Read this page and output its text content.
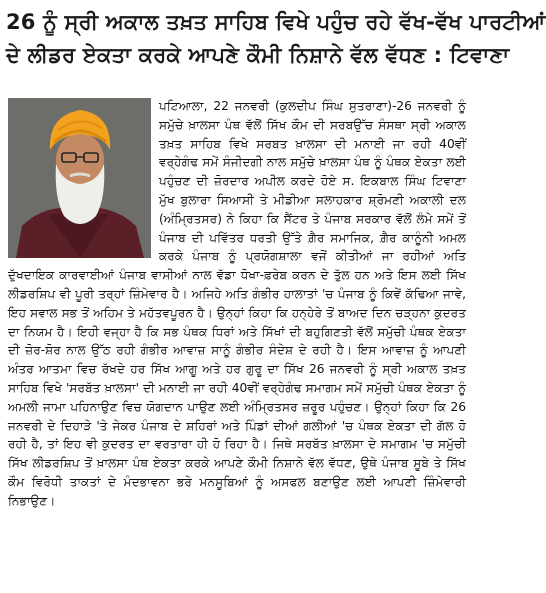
26 ਨੂੰ ਸ੍ਰੀ ਅਕਾਲ ਤਖ਼ਤ ਸਾਹਿਬ ਵਿਖੇ ਪਹੁੰਚ ਰਹੇ ਵੱਖ-ਵੱਖ ਪਾਰਟੀਆਂ
ਦੇ ਲੀਡਰ ਏਕਤਾ ਕਰਕੇ ਆਪਣੇ ਕੌਮੀ ਨਿਸ਼ਾਨੇ ਵੱਲ ਵੱਧਣ : ਟਿਵਾਣਾ

ਪਟਿਆਲਾ, 22 ਜਨਵਰੀ (ਕੁਲਦੀਪ ਸਿੰਘ ਸੁਤਰਾਣਾ)-26 ਜਨਵਰੀ ਨੂੰ ਸਮੁੱਚੇ ਖ਼ਾਲਸਾ ਪੰਥ ਵੱਲੋਂ ਸਿੱਖ ਕੌਮ ਦੀ ਸਰਬਉੱਚ ਸੰਸਥਾ ਸ੍ਰੀ ਅਕਾਲ ਤਖ਼ਤ ਸਾਹਿਬ ਵਿਖੇ ਸਰਬਤ ਖ਼ਾਲਸਾ ਦੀ ਮਨਾਈ ਜਾ ਰਹੀ 40ਵੀਂ ਵਰ੍ਹੇਗੰਢ ਸਮੇਂ ਸੰਜੀਦਗੀ ਨਾਲ ਸਮੁੱਚੇ ਖ਼ਾਲਸਾ ਪੰਥ ਨੂੰ ਪੰਥਕ ਏਕਤਾ ਲਈ ਪਹੁੰਚਣ ਦੀ ਜ਼ੋਰਦਾਰ ਅਪੀਲ ਕਰਦੇ ਹੋਏ ਸ. ਇਕਬਾਲ ਸਿੰਘ ਟਿਵਾਣਾ ਮੁੱਖ ਬੁਲਾਰਾ ਸਿਆਸੀ ਤੇ ਮੀਡੀਆ ਸਲਾਹਕਾਰ ਸ਼੍ਰੋਮਣੀ ਅਕਾਲੀ ਦਲ (ਅੰਮ੍ਰਿਤਸਰ) ਨੇ ਕਿਹਾ ਕਿ ਸੈਂਟਰ ਤੇ ਪੰਜਾਬ ਸਰਕਾਰ ਵੱਲੋਂ ਲੰਮੇ ਸਮੇਂ ਤੋਂ ਪੰਜਾਬ ਦੀ ਪਵਿੱਤਰ ਧਰਤੀ ਉੱਤੇ ਗ਼ੈਰ ਸਮਾਜਿਕ, ਗ਼ੈਰ ਕਾਨੂੰਨੀ ਅਮਲ ਕਰਕੇ ਪੰਜਾਬ ਨੂੰ ਪ੍ਰਯੋਗਸ਼ਾਲਾ ਵਜੋਂ ਕੀਤੀਆਂ ਜਾ ਰਹੀਆਂ ਅਤਿ ਦੁੱਖਦਾਇਕ ਕਾਰਵਾਈਆਂ ਪੰਜਾਬ ਵਾਸੀਆਂ ਨਾਲ ਵੱਡਾ ਧੋਖਾ-ਫ਼ਰੇਬ ਕਰਨ ਦੇ ਤੁੱਲ ਹਨ ਅਤੇ ਇਸ ਲਈ ਸਿੱਖ ਲੀਡਰਸ਼ਿਪ ਵੀ ਪੂਰੀ ਤਰ੍ਹਾਂ ਜ਼ਿੰਮੇਵਾਰ ਹੈ। ਅਜਿਹੇ ਅਤਿ ਗੰਭੀਰ ਹਾਲਾਤਾਂ 'ਚ ਪੰਜਾਬ ਨੂੰ ਕਿਵੇਂ ਕੱਢਿਆ ਜਾਵੇ, ਇਹ ਸਵਾਲ ਸਭ ਤੋਂ ਅਹਿਮ ਤੇ ਮਹੱਤਵਪੂਰਨ ਹੈ। ਉਨ੍ਹਾਂ ਕਿਹਾ ਕਿ ਹਨ੍ਹੇਰੇ ਤੋਂ ਬਾਅਦ ਦਿਨ ਚੜ੍ਹਨਾ ਕੁਦਰਤ ਦਾ ਨਿਯਮ ਹੈ। ਇਹੀ ਵਜ੍ਹਾ ਹੈ ਕਿ ਸਭ ਪੰਥਕ ਧਿਰਾਂ ਅਤੇ ਸਿੱਖਾਂ ਦੀ ਬਹੁਗਿਣਤੀ ਵੱਲੋਂ ਸਮੁੱਚੀ ਪੰਥਕ ਏਕਤਾ ਦੀ ਜ਼ੋਰ-ਸ਼ੋਰ ਨਾਲ ਉੱਠ ਰਹੀ ਗੰਭੀਰ ਆਵਾਜ਼ ਸਾਨੂੰ ਗੰਭੀਰ ਸੰਦੇਸ਼ ਦੇ ਰਹੀ ਹੈ। ਇਸ ਆਵਾਜ਼ ਨੂੰ ਆਪਣੀ ਅੰਤਰ ਆਤਮਾ ਵਿਚ ਰੱਖਦੇ ਹਰ ਸਿੱਖ ਆਗੂ ਅਤੇ ਹਰ ਗੁਰੂ ਦਾ ਸਿੱਖ 26 ਜਨਵਰੀ ਨੂੰ ਸ੍ਰੀ ਅਕਾਲ ਤਖ਼ਤ ਸਾਹਿਬ ਵਿਖੇ 'ਸਰਬੱਤ ਖ਼ਾਲਸਾ' ਦੀ ਮਨਾਈ ਜਾ ਰਹੀ 40ਵੀਂ ਵਰ੍ਹੇਗੰਢ ਸਮਾਗਮ ਸਮੇਂ ਸਮੁੱਚੀ ਪੰਥਕ ਏਕਤਾ ਨੂੰ ਅਮਲੀ ਜਾਮਾ ਪਹਿਨਾਉਣ ਵਿਚ ਯੋਗਦਾਨ ਪਾਉਣ ਲਈ ਅੰਮ੍ਰਿਤਸਰ ਜ਼ਰੂਰ ਪਹੁੰਚਣ। ਉਨ੍ਹਾਂ ਕਿਹਾ ਕਿ 26 ਜਨਵਰੀ ਦੇ ਦਿਹਾੜੇ 'ਤੇ ਜੇਕਰ ਪੰਜਾਬ ਦੇ ਸ਼ਹਿਰਾਂ ਅਤੇ ਪਿੰਡਾਂ ਦੀਆਂ ਗਲੀਆਂ 'ਚ ਪੰਥਕ ਏਕਤਾ ਦੀ ਗੱਲ ਹੋ ਰਹੀ ਹੈ, ਤਾਂ ਇਹ ਵੀ ਕੁਦਰਤ ਦਾ ਵਰਤਾਰਾ ਹੀ ਹੋ ਰਿਹਾ ਹੈ। ਜਿਥੇ ਸਰਬੱਤ ਖ਼ਾਲਸਾ ਦੇ ਸਮਾਗਮ 'ਚ ਸਮੁੱਚੀ ਸਿੱਖ ਲੀਡਰਸ਼ਿਪ ਤੋਂ ਖ਼ਾਲਸਾ ਪੰਥ ਏਕਤਾ ਕਰਕੇ ਆਪਣੇ ਕੌਮੀ ਨਿਸ਼ਾਨੇ ਵੱਲ ਵੱਧਣ, ਉਥੇ ਪੰਜਾਬ ਸੂਬੇ ਤੇ ਸਿੱਖ ਕੌਮ ਵਿਰੋਧੀ ਤਾਕਤਾਂ ਦੇ ਮੰਦਭਾਵਨਾ ਭਰੇ ਮਨਸੂਬਿਆਂ ਨੂੰ ਅਸਫਲ ਬਣਾਉਣ ਲਈ ਆਪਣੀ ਜ਼ਿੰਮੇਵਾਰੀ ਨਿਭਾਉਣ।
